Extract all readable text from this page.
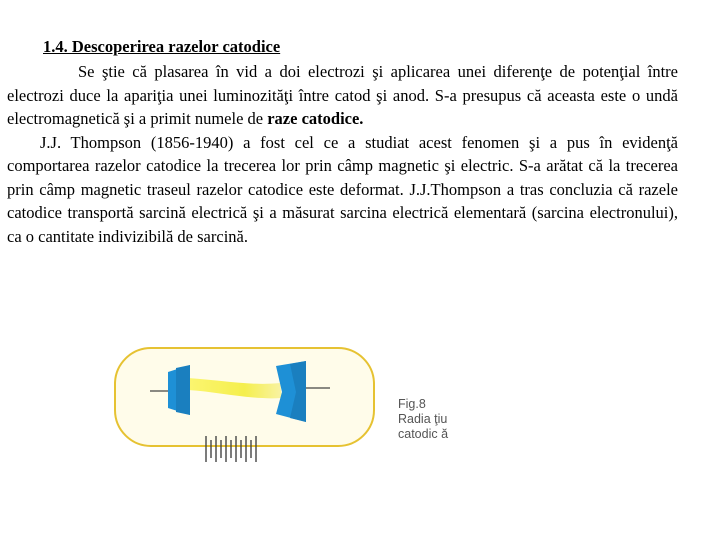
1.4. Descoperirea razelor catodice

Se ştie că plasarea în vid a doi electrozi şi aplicarea unei diferenţe de potenţial între electrozi duce la apariţia unei luminozităţi între catod şi anod. S-a presupus că aceasta este o undă electromagnetică şi a primit numele de raze catodice.

J.J. Thompson (1856-1940) a fost cel ce a studiat acest fenomen şi a pus în evidenţă comportarea razelor catodice la trecerea lor prin câmp magnetic şi electric. S-a arătat că la trecerea prin câmp magnetic traseul razelor catodice este deformat. J.J.Thompson a tras concluzia că razele catodice transportă sarcină electrică şi a măsurat sarcina electrică elementară (sarcina electronului), ca o cantitate indivizibilă de sarcină.

Fig.8
Radia ţiu
catodic ă
